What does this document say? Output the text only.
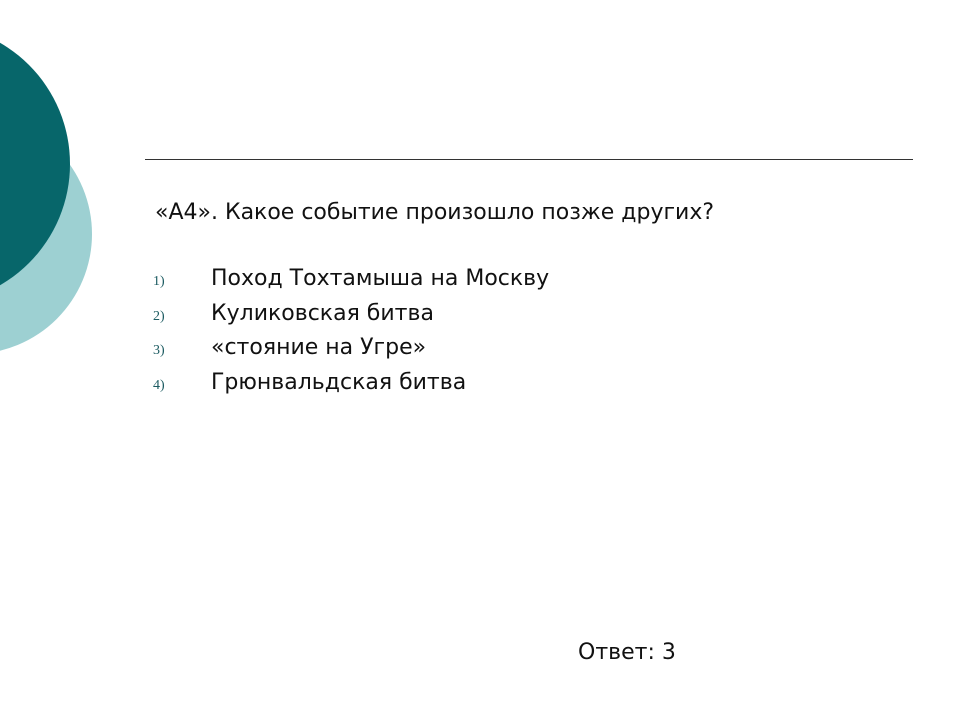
«А4». Какое событие произошло позже других?
1)	Поход Тохтамыша на Москву
2)	Куликовская битва
3)	«стояние на Угре»
4)	Грюнвальдская битва
Ответ: 3
